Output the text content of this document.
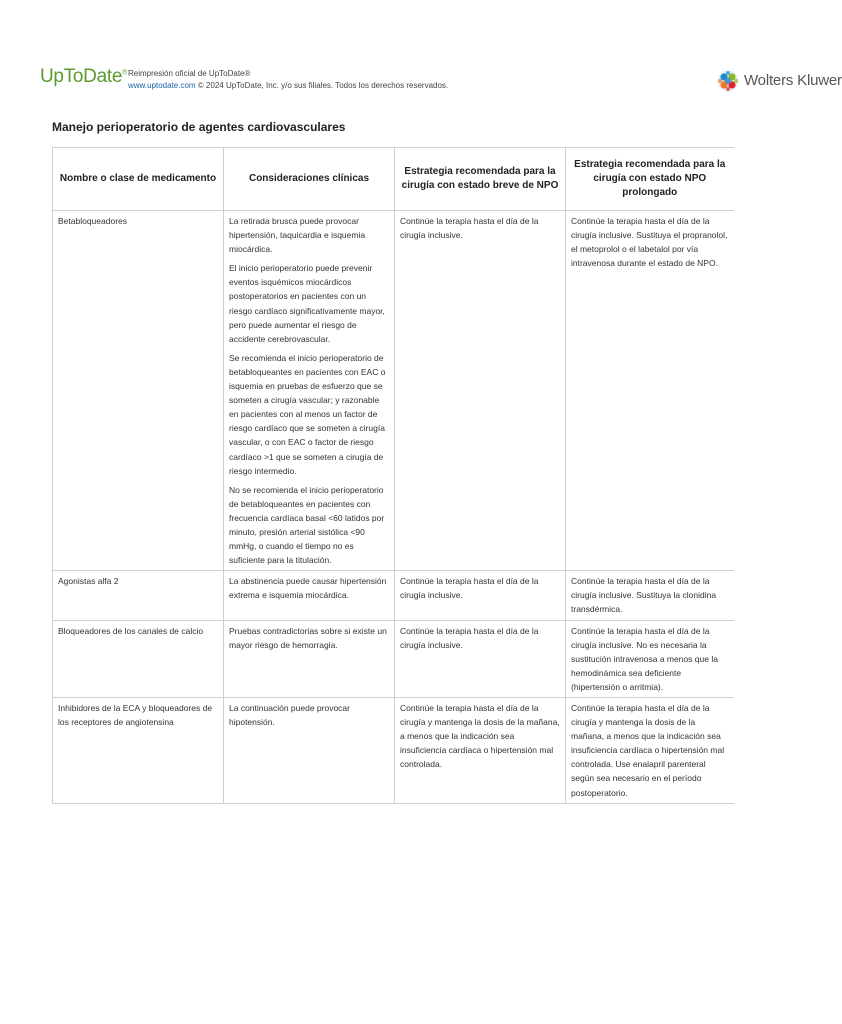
UpToDate® Reimpresión oficial de UpToDate®
www.uptodate.com © 2024 UpToDate, Inc. y/o sus filiales. Todos los derechos reservados.	Wolters Kluwer
Manejo perioperatorio de agentes cardiovasculares
Nombre o clase de medicamento	Consideraciones clínicas	Estrategia recomendada para la cirugía con estado breve de NPO	Estrategia recomendada para la cirugía con estado NPO prolongado
Betabloqueadores	La retirada brusca puede provocar hipertensión, taquicardia e isquemia miocárdica.

El inicio perioperatorio puede prevenir eventos isquémicos miocárdicos postoperatorios en pacientes con un riesgo cardíaco significativamente mayor, pero puede aumentar el riesgo de accidente cerebrovascular.

Se recomienda el inicio perioperatorio de betabloqueantes en pacientes con EAC o isquemia en pruebas de esfuerzo que se someten a cirugía vascular; y razonable en pacientes con al menos un factor de riesgo cardíaco que se someten a cirugía vascular, o con EAC o factor de riesgo cardíaco >1 que se someten a cirugía de riesgo intermedio.

No se recomienda el inicio perioperatorio de betabloqueantes en pacientes con frecuencia cardíaca basal <60 latidos por minuto, presión arterial sistólica <90 mmHg, o cuando el tiempo no es suficiente para la titulación.	Continúe la terapia hasta el día de la cirugía inclusive.	Continúe la terapia hasta el día de la cirugía inclusive. Sustituya el propranolol, el metoprolol o el labetalol por vía intravenosa durante el estado de NPO.
Agonistas alfa 2	La abstinencia puede causar hipertensión extrema e isquemia miocárdica.	Continúe la terapia hasta el día de la cirugía inclusive.	Continúe la terapia hasta el día de la cirugía inclusive. Sustituya la clonidina transdérmica.
Bloqueadores de los canales de calcio	Pruebas contradictorias sobre si existe un mayor riesgo de hemorragia.	Continúe la terapia hasta el día de la cirugía inclusive.	Continúe la terapia hasta el día de la cirugía inclusive. No es necesaria la sustitución intravenosa a menos que la hemodinámica sea deficiente (hipertensión o arritmia).
Inhibidores de la ECA y bloqueadores de los receptores de angiotensina	La continuación puede provocar hipotensión.	Continúe la terapia hasta el día de la cirugía y mantenga la dosis de la mañana, a menos que la indicación sea insuficiencia cardíaca o hipertensión mal controlada.	Continúe la terapia hasta el día de la cirugía y mantenga la dosis de la mañana, a menos que la indicación sea insuficiencia cardíaca o hipertensión mal controlada. Use enalapril parenteral según sea necesario en el período postoperatorio.
